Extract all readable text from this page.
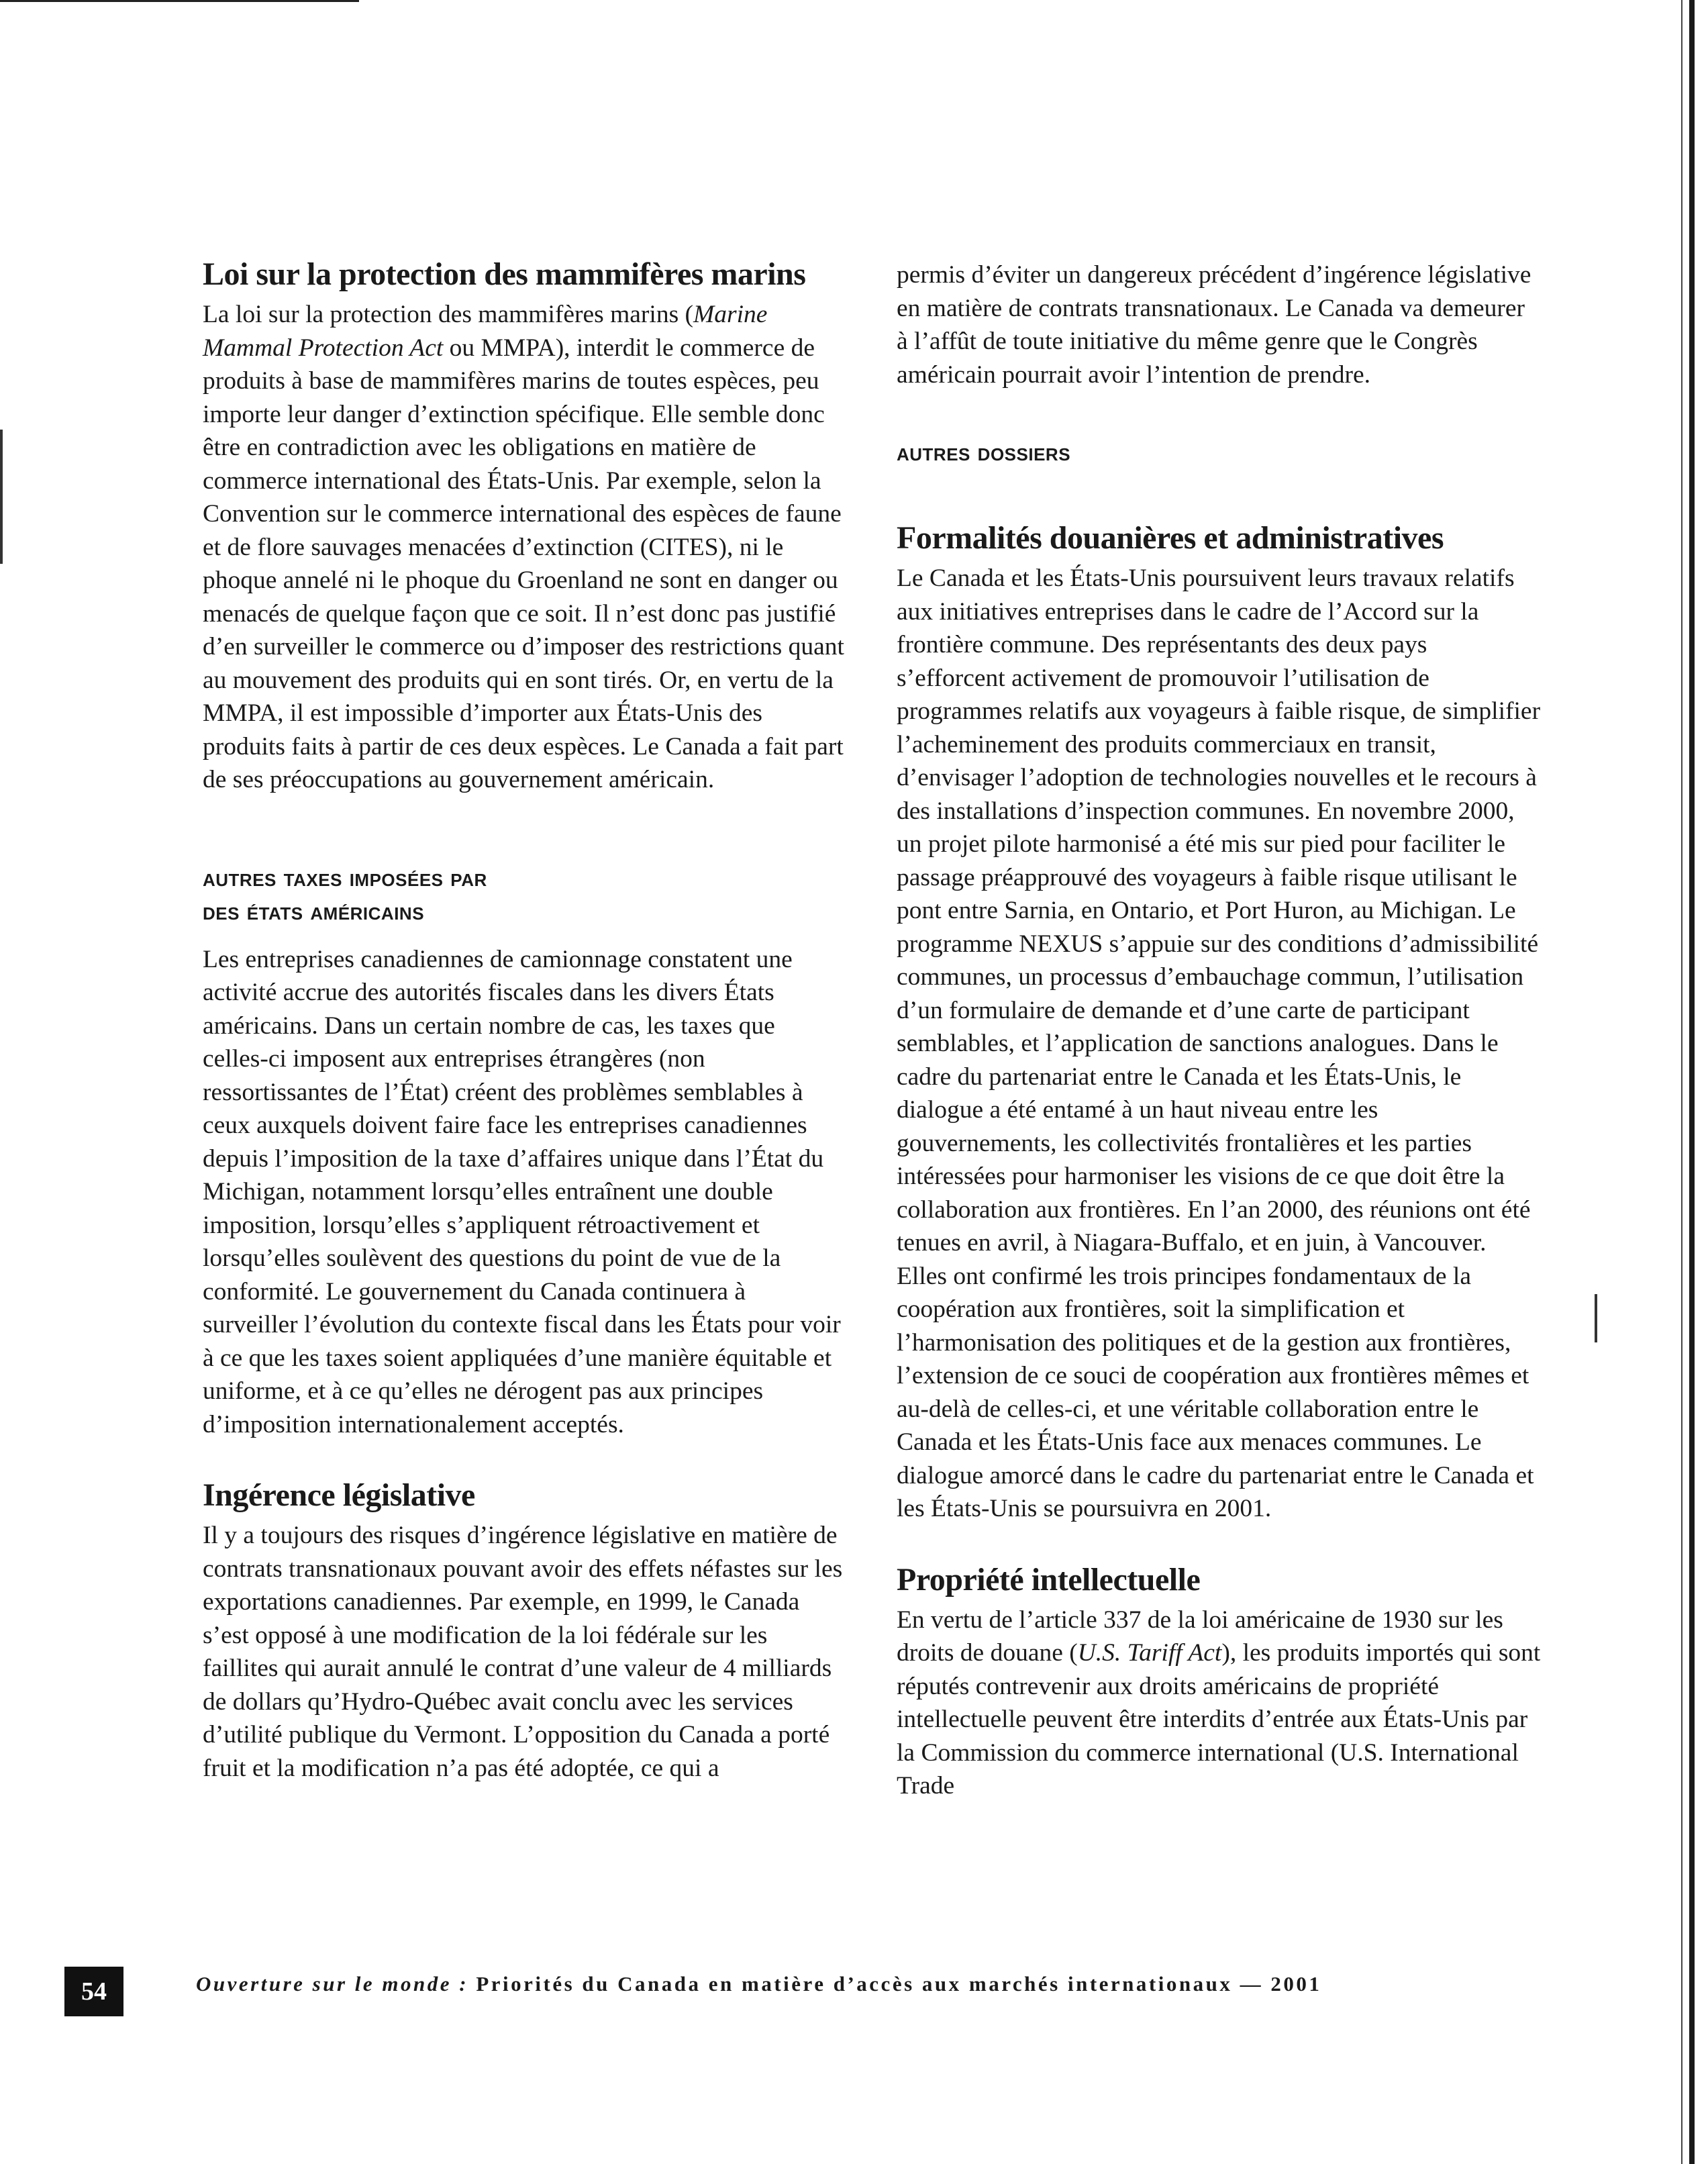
Loi sur la protection des mammifères marins

La loi sur la protection des mammifères marins (Marine Mammal Protection Act ou MMPA), interdit le commerce de produits à base de mammifères marins de toutes espèces, peu importe leur danger d’extinction spécifique. Elle semble donc être en contradiction avec les obligations en matière de commerce international des États-Unis. Par exemple, selon la Convention sur le commerce international des espèces de faune et de flore sauvages menacées d’extinction (CITES), ni le phoque annelé ni le phoque du Groenland ne sont en danger ou menacés de quelque façon que ce soit. Il n’est donc pas justifié d’en surveiller le commerce ou d’imposer des restrictions quant au mouvement des produits qui en sont tirés. Or, en vertu de la MMPA, il est impossible d’importer aux États-Unis des produits faits à partir de ces deux espèces. Le Canada a fait part de ses préoccupations au gouvernement américain.

autres taxes imposées par
des états américains

Les entreprises canadiennes de camionnage constatent une activité accrue des autorités fiscales dans les divers États américains. Dans un certain nombre de cas, les taxes que celles-ci imposent aux entreprises étrangères (non ressortissantes de l’État) créent des problèmes semblables à ceux auxquels doivent faire face les entreprises canadiennes depuis l’imposition de la taxe d’affaires unique dans l’État du Michigan, notamment lorsqu’elles entraînent une double imposition, lorsqu’elles s’appliquent rétroactivement et lorsqu’elles soulèvent des questions du point de vue de la conformité. Le gouvernement du Canada continuera à surveiller l’évolution du contexte fiscal dans les États pour voir à ce que les taxes soient appliquées d’une manière équitable et uniforme, et à ce qu’elles ne dérogent pas aux principes d’imposition internationalement acceptés.

Ingérence législative

Il y a toujours des risques d’ingérence législative en matière de contrats transnationaux pouvant avoir des effets néfastes sur les exportations canadiennes. Par exemple, en 1999, le Canada s’est opposé à une modification de la loi fédérale sur les faillites qui aurait annulé le contrat d’une valeur de 4 milliards de dollars qu’Hydro-Québec avait conclu avec les services d’utilité publique du Vermont. L’opposition du Canada a porté fruit et la modification n’a pas été adoptée, ce qui a

permis d’éviter un dangereux précédent d’ingérence législative en matière de contrats transnationaux. Le Canada va demeurer à l’affût de toute initiative du même genre que le Congrès américain pourrait avoir l’intention de prendre.

autres dossiers
Formalités douanières et administratives

Le Canada et les États-Unis poursuivent leurs travaux relatifs aux initiatives entreprises dans le cadre de l’Accord sur la frontière commune. Des représentants des deux pays s’efforcent activement de promouvoir l’utilisation de programmes relatifs aux voyageurs à faible risque, de simplifier l’acheminement des produits commerciaux en transit, d’envisager l’adoption de technologies nouvelles et le recours à des installations d’inspection communes. En novembre 2000, un projet pilote harmonisé a été mis sur pied pour faciliter le passage préapprouvé des voyageurs à faible risque utilisant le pont entre Sarnia, en Ontario, et Port Huron, au Michigan. Le programme NEXUS s’appuie sur des conditions d’admissibilité communes, un processus d’embauchage commun, l’utilisation d’un formulaire de demande et d’une carte de participant semblables, et l’application de sanctions analogues. Dans le cadre du partenariat entre le Canada et les États-Unis, le dialogue a été entamé à un haut niveau entre les gouvernements, les collectivités frontalières et les parties intéressées pour harmoniser les visions de ce que doit être la collaboration aux frontières. En l’an 2000, des réunions ont été tenues en avril, à Niagara-Buffalo, et en juin, à Vancouver. Elles ont confirmé les trois principes fondamentaux de la coopération aux frontières, soit la simplification et l’harmonisation des politiques et de la gestion aux frontières, l’extension de ce souci de coopération aux frontières mêmes et au-delà de celles-ci, et une véritable collaboration entre le Canada et les États-Unis face aux menaces communes. Le dialogue amorcé dans le cadre du partenariat entre le Canada et les États-Unis se poursuivra en 2001.

Propriété intellectuelle

En vertu de l’article 337 de la loi américaine de 1930 sur les droits de douane (U.S. Tariff Act), les produits importés qui sont réputés contrevenir aux droits américains de propriété intellectuelle peuvent être interdits d’entrée aux États-Unis par la Commission du commerce international (U.S. International Trade

54	Ouverture sur le monde : Priorités du Canada en matière d’accès aux marchés internationaux — 2001
